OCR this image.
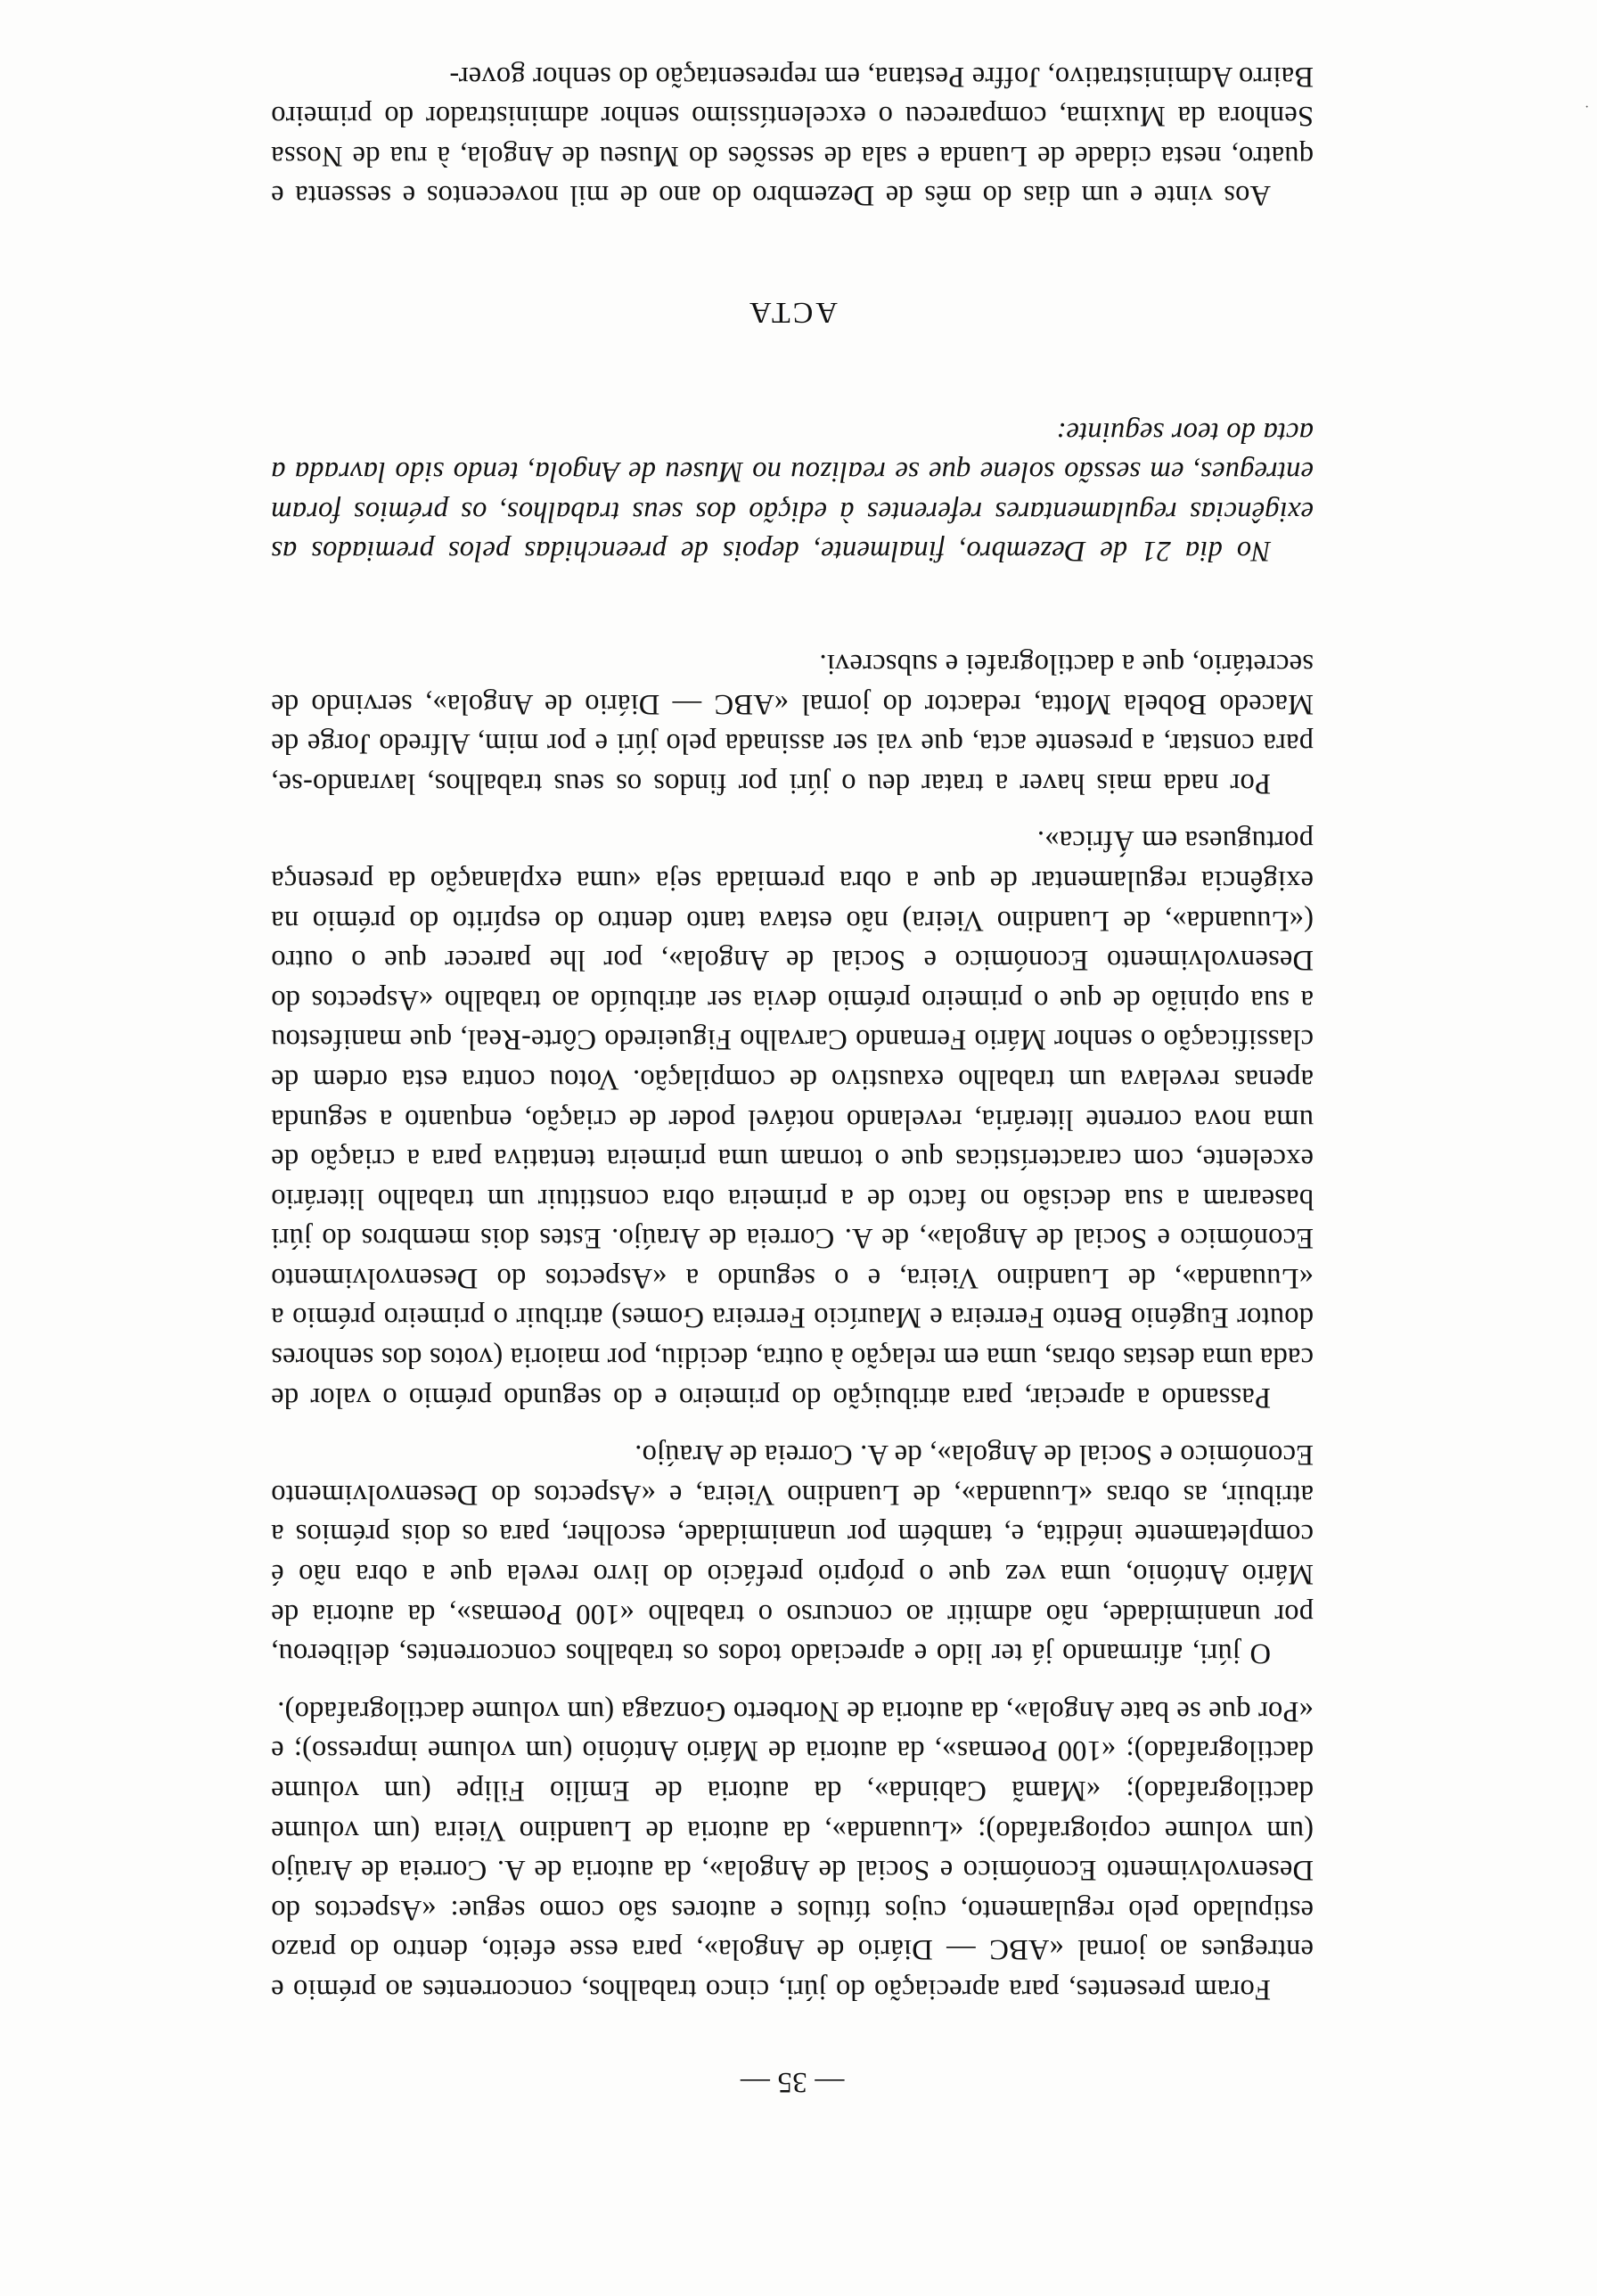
— 35 —

Foram presentes, para apreciação do júri, cinco trabalhos, concorrentes ao prémio e entregues ao jornal «ABC — Diário de Angola», para esse efeito, dentro do prazo estipulado pelo regulamento, cujos títulos e autores são como segue: «Aspectos do Desenvolvimento Económico e Social de Angola», da autoria de A. Correia de Araújo (um volume copiografado); «Luuanda», da autoria de Luandino Vieira (um volume dactilografado); «Mamã Cabinda», da autoria de Emílio Filipe (um volume dactilografado); «100 Poemas», da autoria de Mário António (um volume impresso); e «Por que se bate Angola», da autoria de Norberto Gonzaga (um volume dactilografado).

O júri, afirmando já ter lido e apreciado todos os trabalhos concorrentes, deliberou, por unanimidade, não admitir ao concurso o trabalho «100 Poemas», da autoria de Mário António, uma vez que o próprio prefácio do livro revela que a obra não é completamente inédita, e, também por unanimidade, escolher, para os dois prémios a atribuir, as obras «Luuanda», de Luandino Vieira, e «Aspectos do Desenvolvimento Económico e Social de Angola», de A. Correia de Araújo.

Passando a apreciar, para atribuição do primeiro e do segundo prémio o valor de cada uma destas obras, uma em relação à outra, decidiu, por maioria (votos dos senhores doutor Eugénio Bento Ferreira e Maurício Ferreira Gomes) atribuir o primeiro prémio a «Luuanda», de Luandino Vieira, e o segundo a «Aspectos do Desenvolvimento Económico e Social de Angola», de A. Correia de Araújo. Estes dois membros do júri basearam a sua decisão no facto de a primeira obra constituir um trabalho literário excelente, com características que o tornam uma primeira tentativa para a criação de uma nova corrente literária, revelando notável poder de criação, enquanto a segunda apenas revelava um trabalho exaustivo de compilação. Votou contra esta ordem de classificação o senhor Mário Fernando Carvalho Figueiredo Côrte-Real, que manifestou a sua opinião de que o primeiro prémio devia ser atribuído ao trabalho «Aspectos do Desenvolvimento Económico e Social de Angola», por lhe parecer que o outro («Luuanda», de Luandino Vieira) não estava tanto dentro do espírito do prémio na exigência regulamentar de que a obra premiada seja «uma explanação da presença portuguesa em África».

Por nada mais haver a tratar deu o júri por findos os seus trabalhos, lavrando-se, para constar, a presente acta, que vai ser assinada pelo júri e por mim, Alfredo Jorge de Macedo Bobela Motta, redactor do jornal «ABC — Diário de Angola», servindo de secretário, que a dactilografei e subscrevi.

No dia 21 de Dezembro, finalmente, depois de preenchidas pelos premiados as exigências regulamentares referentes à edição dos seus trabalhos, os prémios foram entregues, em sessão solene que se realizou no Museu de Angola, tendo sido lavrada a acta do teor seguinte:

ACTA

Aos vinte e um dias do mês de Dezembro do ano de mil novecentos e sessenta e quatro, nesta cidade de Luanda e sala de sessões do Museu de Angola, à rua de Nossa Senhora da Muxima, compareceu o excelentíssimo senhor administrador do primeiro Bairro Administrativo, Joffre Pestana, em representação do senhor gover-

·
